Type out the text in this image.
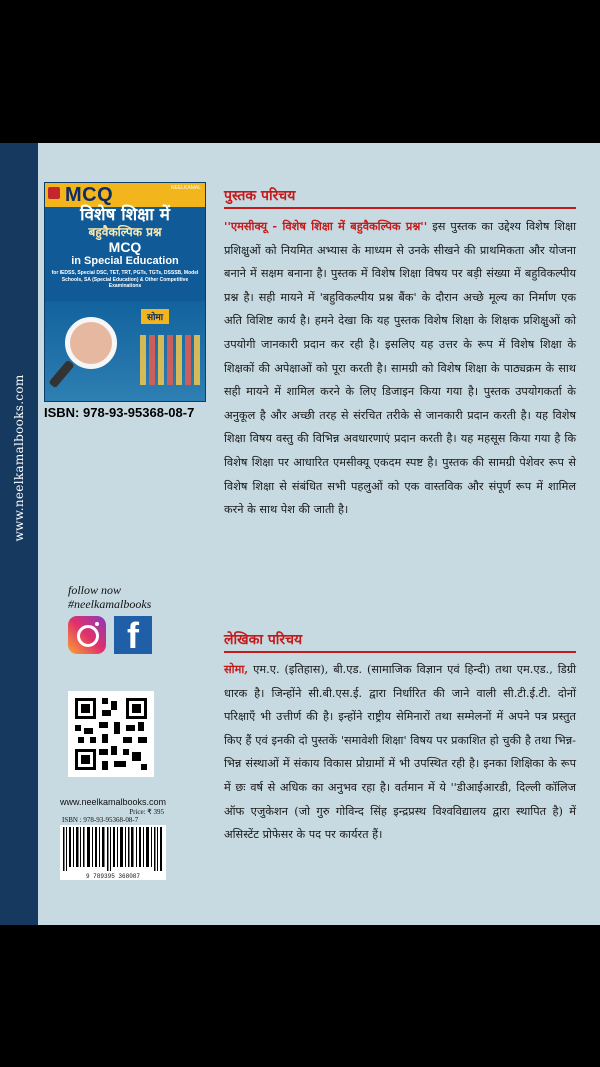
www.neelkamalbooks.com
MCQ	NEELKAMAL
विशेष शिक्षा में
बहुवैकल्पिक प्रश्न
MCQ
in Special Education
for IEDSS, Special DSC, TET, TRT, PGTs, TGTs, DSSSB, Model Schools, SA (Special Education) & Other Competitive Examinations
सोमा
ISBN: 978-93-95368-08-7
follow now
#neelkamalbooks
f
www.neelkamalbooks.com
Price: ₹ 395
ISBN : 978-93-95368-08-7
9 789395 368087
पुस्तक परिचय

''एमसीक्यू - विशेष शिक्षा में बहुवैकल्पिक प्रश्न'' इस पुस्तक का उद्देश्य विशेष शिक्षा प्रशिक्षुओं को नियमित अभ्यास के माध्यम से उनके सीखने की प्राथमिकता और योजना बनाने में सक्षम बनाना है। पुस्तक में विशेष शिक्षा विषय पर बड़ी संख्या में बहुविकल्पीय प्रश्न है। सही मायने में 'बहुविकल्पीय प्रश्न बैंक' के दौरान अच्छे मूल्य का निर्माण एक अति विशिष्ट कार्य है। हमने देखा कि यह पुस्तक विशेष शिक्षा के शिक्षक प्रशिक्षुओं को उपयोगी जानकारी प्रदान कर रही है। इसलिए यह उत्तर के रूप में विशेष शिक्षा के शिक्षकों की अपेक्षाओं को पूरा करती है। सामग्री को विशेष शिक्षा के पाठ्यक्रम के साथ सही मायने में शामिल करने के लिए डिजाइन किया गया है। पुस्तक उपयोगकर्ता के अनुकूल है और अच्छी तरह से संरचित तरीके से जानकारी प्रदान करती है। यह विशेष शिक्षा विषय वस्तु की विभिन्न अवधारणाएं प्रदान करती है। यह महसूस किया गया है कि विशेष शिक्षा पर आधारित एमसीक्यू एकदम स्पष्ट है। पुस्तक की सामग्री पेशेवर रूप से विशेष शिक्षा से संबंधित सभी पहलुओं को एक वास्तविक और संपूर्ण रूप में शामिल करने के साथ पेश की जाती है।

लेखिका परिचय

सोमा, एम.ए. (इतिहास), बी.एड. (सामाजिक विज्ञान एवं हिन्दी) तथा एम.एड., डिग्री धारक है। जिन्होंने सी.बी.एस.ई. द्वारा निर्धारित की जाने वाली सी.टी.ई.टी. दोनों परिक्षाएँ भी उत्तीर्ण की है। इन्होंने राष्ट्रीय सेमिनारों तथा सम्मेलनों में अपने पत्र प्रस्तुत किए हैं एवं इनकी दो पुस्तकें 'समावेशी शिक्षा' विषय पर प्रकाशित हो चुकी है तथा भिन्न-भिन्न संस्थाओं में संकाय विकास प्रोग्रामों में भी उपस्थित रही है। इनका शिक्षिका के रूप में छः वर्ष से अधिक का अनुभव रहा है। वर्तमान में ये ''डीआईआरडी, दिल्ली कॉलिज ऑफ एजुकेशन (जो गुरु गोविन्द सिंह इन्द्रप्रस्थ विश्वविद्यालय द्वारा स्थापित है) में असिस्टेंट प्रोफेसर के पद पर कार्यरत हैं।
